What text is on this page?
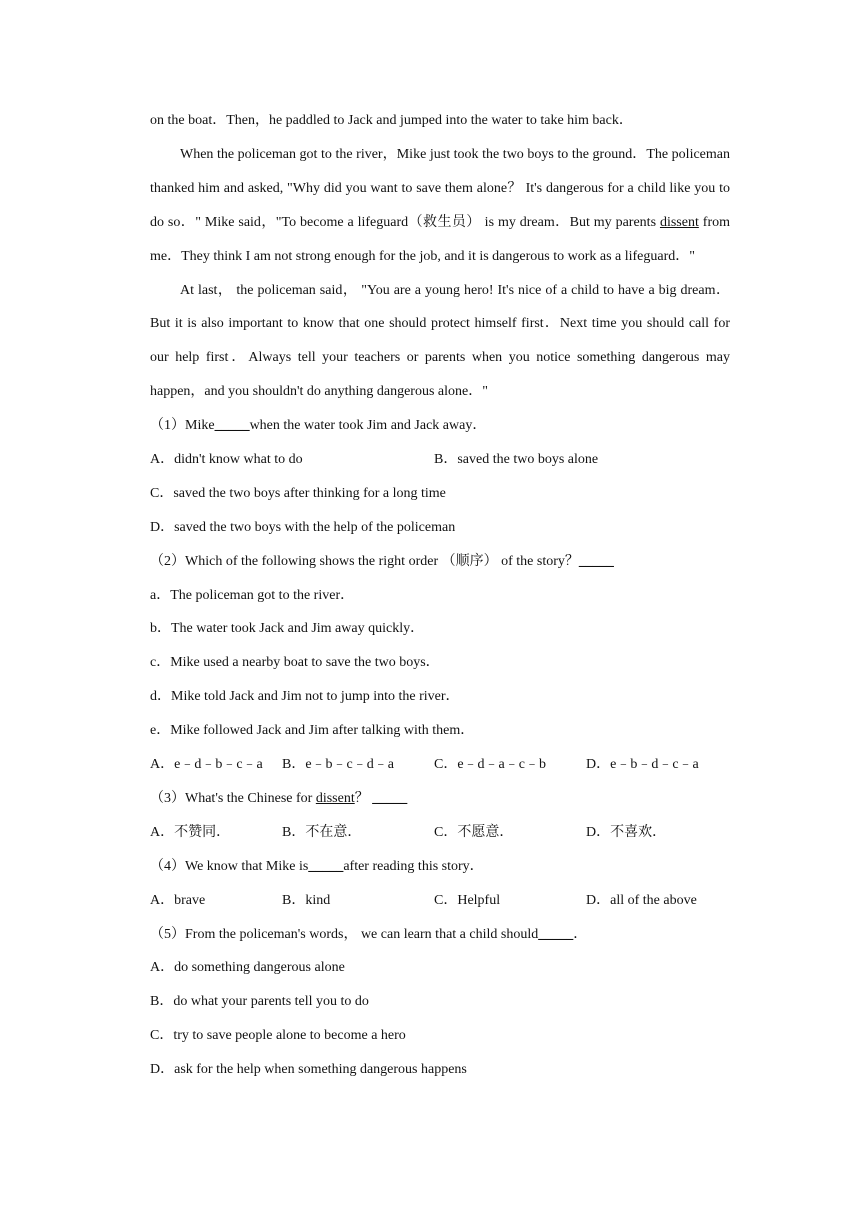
on the boat．Then，he paddled to Jack and jumped into the water to take him back．

When the policeman got to the river，Mike just took the two boys to the ground．The policeman thanked him and asked, "Why did you want to save them alone？ It's dangerous for a child like you to do so．" Mike said，"To become a lifeguard（救生员） is my dream．But my parents dissent from me．They think I am not strong enough for the job, and it is dangerous to work as a lifeguard．"

At last， the policeman said， "You are a young hero! It's nice of a child to have a big dream．But it is also important to know that one should protect himself first．Next time you should call for our help first．Always tell your teachers or parents when you notice something dangerous may happen，and you shouldn't do anything dangerous alone．"

（1）Mike_____when the water took Jim and Jack away．
A．didn't know what to do	B．saved the two boys alone
C．saved the two boys after thinking for a long time
D．saved the two boys with the help of the policeman
（2）Which of the following shows the right order （顺序） of the story？_____
a．The policeman got to the river．
b．The water took Jack and Jim away quickly．
c．Mike used a nearby boat to save the two boys．
d．Mike told Jack and Jim not to jump into the river．
e．Mike followed Jack and Jim after talking with them．
A．e﹣d﹣b﹣c﹣a	B．e﹣b﹣c﹣d﹣a	C．e﹣d﹣a﹣c﹣b	D．e﹣b﹣d﹣c﹣a
（3）What's the Chinese for dissent？ _____
A．不赞同．	B．不在意．	C．不愿意．	D．不喜欢．
（4）We know that Mike is_____after reading this story．
A．brave	B．kind	C．Helpful	D．all of the above
（5）From the policeman's words， we can learn that a child should_____．
A．do something dangerous alone
B．do what your parents tell you to do
C．try to save people alone to become a hero
D．ask for the help when something dangerous happens
